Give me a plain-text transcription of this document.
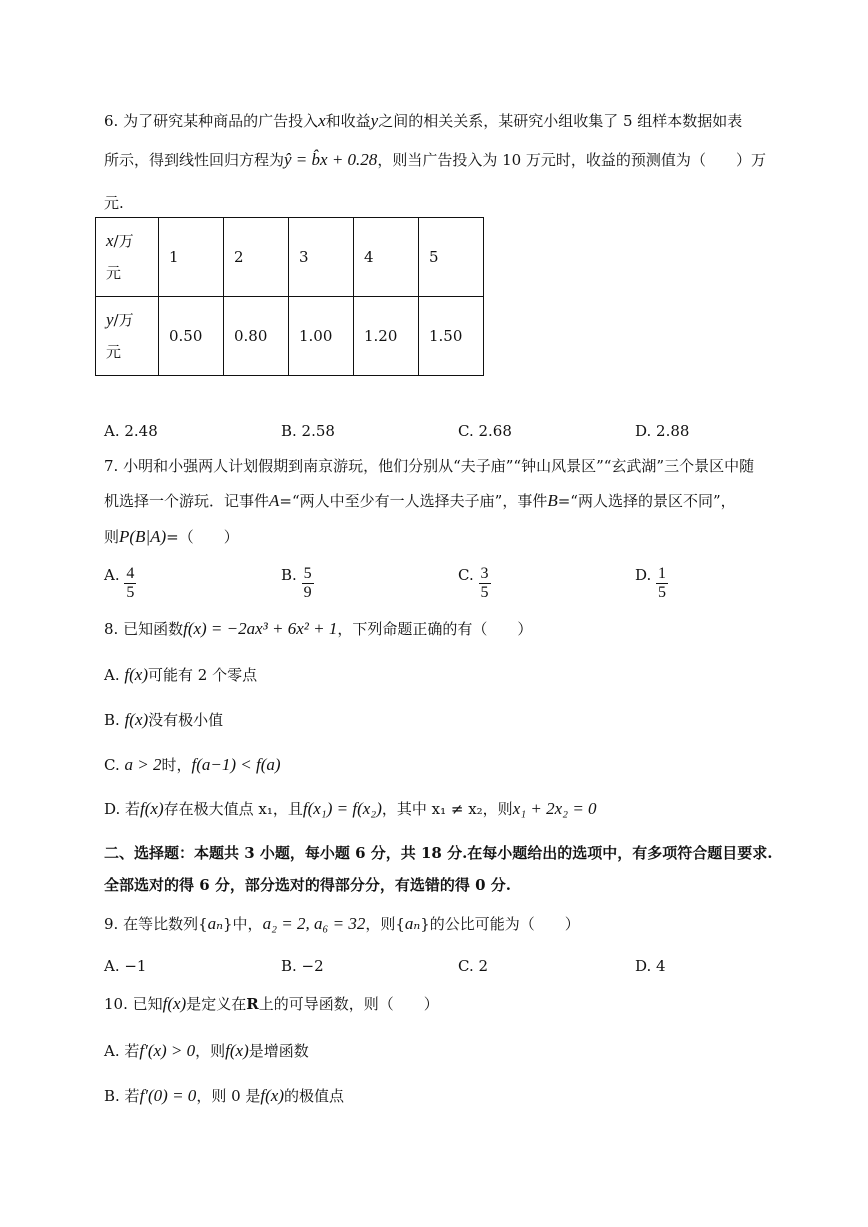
6. 为了研究某种商品的广告投入x和收益y之间的相关关系，某研究小组收集了 5 组样本数据如表
所示，得到线性回归方程为ŷ = b̂x + 0.28，则当广告投入为 10 万元时，收益的预测值为（　　）万
元.
x/万
元	1	2	3	4	5
y/万
元	0.50	0.80	1.00	1.20	1.50
A. 2.48	B. 2.58	C. 2.68	D. 2.88
7. 小明和小强两人计划假期到南京游玩，他们分别从“夫子庙”“钟山风景区”“玄武湖”三个景区中随
机选择一个游玩．记事件A=“两人中至少有一人选择夫子庙”，事件B=“两人选择的景区不同”，
则P(B|A)=（　　）
A. $\frac{4}{5}$	B. $\frac{5}{9}$	C. $\frac{3}{5}$	D. $\frac{1}{5}$
8. 已知函数f(x) = −2ax³ + 6x² + 1，下列命题正确的有（　　）
A. f(x)可能有 2 个零点
B. f(x)没有极小值
C. a > 2时，f(a−1) < f(a)
D. 若f(x)存在极大值点 x₁，且f(x₁) = f(x₂)，其中 x₁ ≠ x₂，则x₁ + 2x₂ = 0
二、选择题：本题共 3 小题，每小题 6 分，共 18 分.在每小题给出的选项中，有多项符合题目要求.
全部选对的得 6 分，部分选对的得部分分，有选错的得 0 分.
9. 在等比数列{aₙ}中，a₂ = 2, a₆ = 32，则{aₙ}的公比可能为（　　）
A. −1	B. −2	C. 2	D. 4
10. 已知f(x)是定义在R上的可导函数，则（　　）
A. 若f′(x) > 0，则f(x)是增函数
B. 若f′(0) = 0，则 0 是f(x)的极值点
